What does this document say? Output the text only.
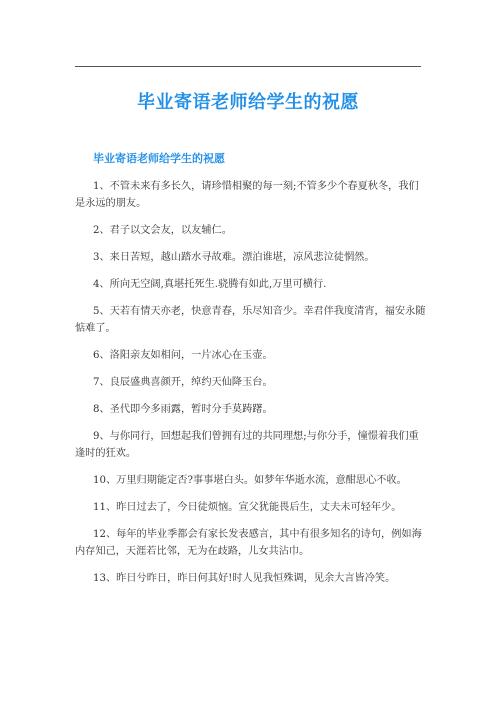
毕业寄语老师给学生的祝愿
毕业寄语老师给学生的祝愿
1、不管未来有多长久，请珍惜相聚的每一刻;不管多少个春夏秋冬，我们是永远的朋友。
2、君子以文会友，以友辅仁。
3、来日苦短，越山踏水寻故难。漂泊谁堪，凉风悲泣徒惘然。
4、所向无空阔,真堪托死生.骁腾有如此,万里可横行.
5、天若有情天亦老，快意青春，乐尽知音少。幸君伴我度清宵，福安永随惦难了。
6、洛阳亲友如相问，一片冰心在玉壶。
7、良辰盛典喜颜开，绰约天仙降玉台。
8、圣代即今多雨露，暂时分手莫踌躇。
9、与你同行，回想起我们曾拥有过的共同理想;与你分手，憧憬着我们重逢时的狂欢。
10、万里归期能定否?事事堪白头。如梦年华逝水流，意酣思心不收。
11、昨日过去了，今日徒烦恼。宣父犹能畏后生，丈夫未可轻年少。
12、每年的毕业季都会有家长发表感言，其中有很多知名的诗句，例如海内存知己，天涯若比邻，无为在歧路，儿女共沾巾。
13、昨日兮昨日，昨日何其好!时人见我恒殊调，见余大言皆冷笑。
